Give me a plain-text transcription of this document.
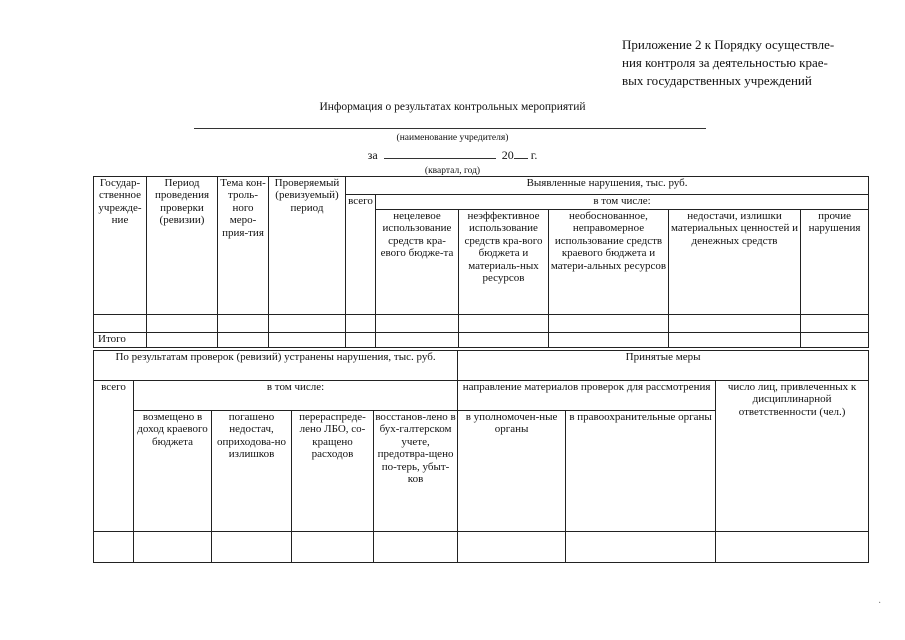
Приложение 2 к Порядку осуществле-
ния контроля за деятельностью крае-
вых государственных учреждений
Информация о результатах контрольных мероприятий
(наименование учредителя)
за	20 г.
(квартал, год)
Государ-ственное учрежде-ние	Период проведения проверки (ревизии)	Тема кон-троль-ного меро-прия-тия	Проверяемый (ревизуемый) период	Выявленные нарушения, тыс. руб.					
				всего	в том числе:				
					нецелевое использование средств кра-евого бюдже-та	неэффективное использование средств кра-вого бюджета и материаль-ных ресурсов	необоснованное, неправомерное использование средств краевого бюджета и матери-альных ресурсов	недостачи, излишки материальных ценностей и денежных средств	прочие нарушения

Итого									
По результатам проверок (ревизий) устранены нарушения, тыс. руб.					Принятые меры		
всего	в том числе:				направление материалов проверок для рассмотрения		число лиц, привлеченных к дисциплинарной ответственности (чел.)
	возмещено в доход краевого бюджета	погашено недостач, оприходова-но излишков	перераспреде-лено ЛБО, со-кращено расходов	восстанов-лено в бух-галтерском учете, предотвра-щено по-терь, убыт-ков	в уполномочен-ные органы	в правоохранительные органы	

·
